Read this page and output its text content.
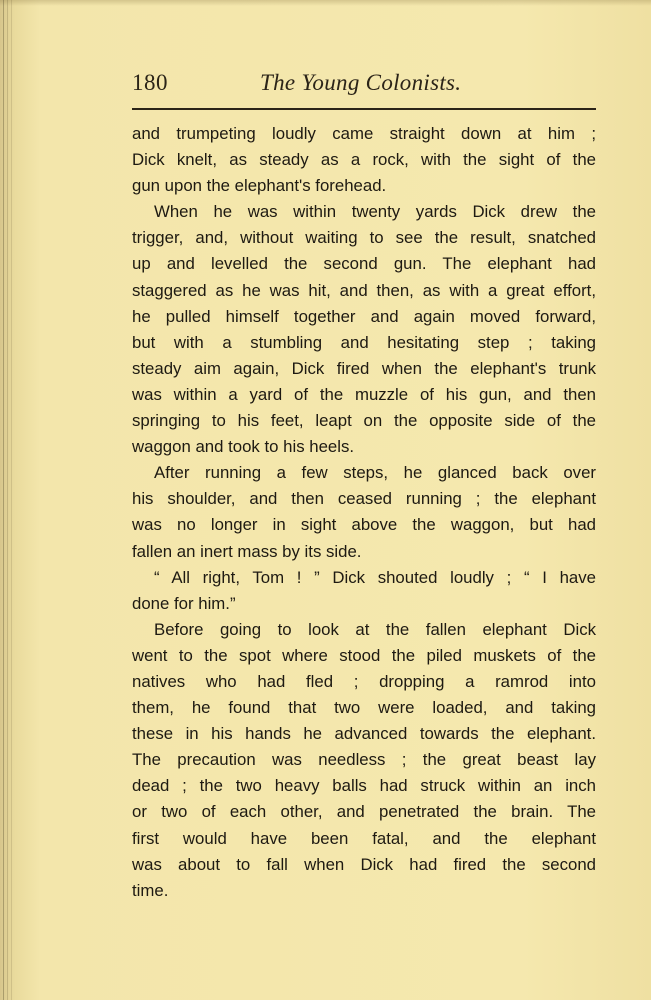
180	The Young Colonists.
and trumpeting loudly came straight down at him ;
Dick knelt, as steady as a rock, with the sight of the
gun upon the elephant's forehead.
When he was within twenty yards Dick drew the
trigger, and, without waiting to see the result, snatched
up and levelled the second gun. The elephant had
staggered as he was hit, and then, as with a great effort,
he pulled himself together and again moved forward,
but with a stumbling and hesitating step ; taking
steady aim again, Dick fired when the elephant's trunk
was within a yard of the muzzle of his gun, and then
springing to his feet, leapt on the opposite side of the
waggon and took to his heels.
After running a few steps, he glanced back over
his shoulder, and then ceased running ; the elephant
was no longer in sight above the waggon, but had
fallen an inert mass by its side.
“ All right, Tom ! ” Dick shouted loudly ; “ I have
done for him.”
Before going to look at the fallen elephant Dick
went to the spot where stood the piled muskets of the
natives who had fled ; dropping a ramrod into
them, he found that two were loaded, and taking
these in his hands he advanced towards the elephant.
The precaution was needless ; the great beast lay
dead ; the two heavy balls had struck within an inch
or two of each other, and penetrated the brain. The
first would have been fatal, and the elephant
was about to fall when Dick had fired the second
time.
